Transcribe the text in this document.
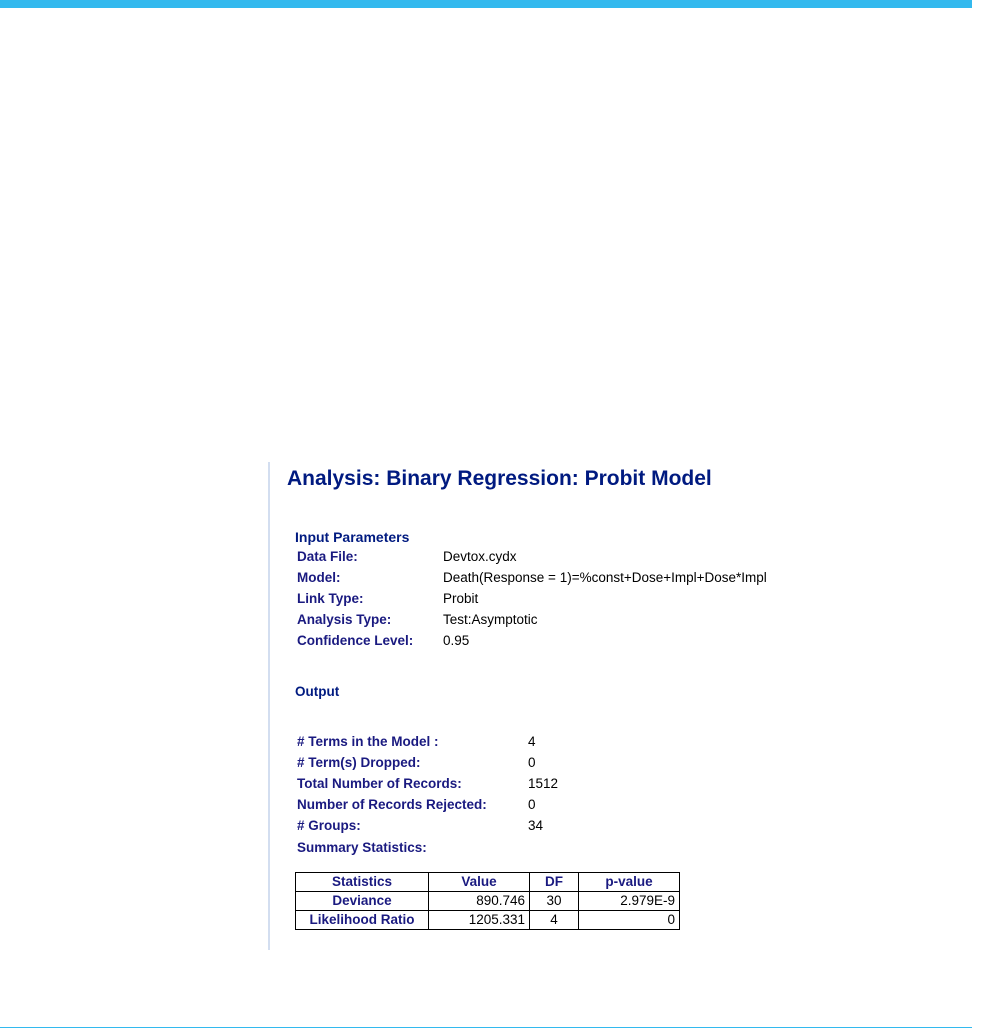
Analysis: Binary Regression: Probit Model
Input Parameters
Data File:	Devtox.cydx
Model:	Death(Response = 1)=%const+Dose+Impl+Dose*Impl
Link Type:	Probit
Analysis Type:	Test:Asymptotic
Confidence Level: 0.95
Output
# Terms in the Model :	4
# Term(s) Dropped:	0
Total Number of Records:	1512
Number of Records Rejected:	0
# Groups:	34
Summary Statistics:
Statistics	Value	DF	p-value
Deviance	890.746	30	2.979E-9
Likelihood Ratio	1205.331	4	0
